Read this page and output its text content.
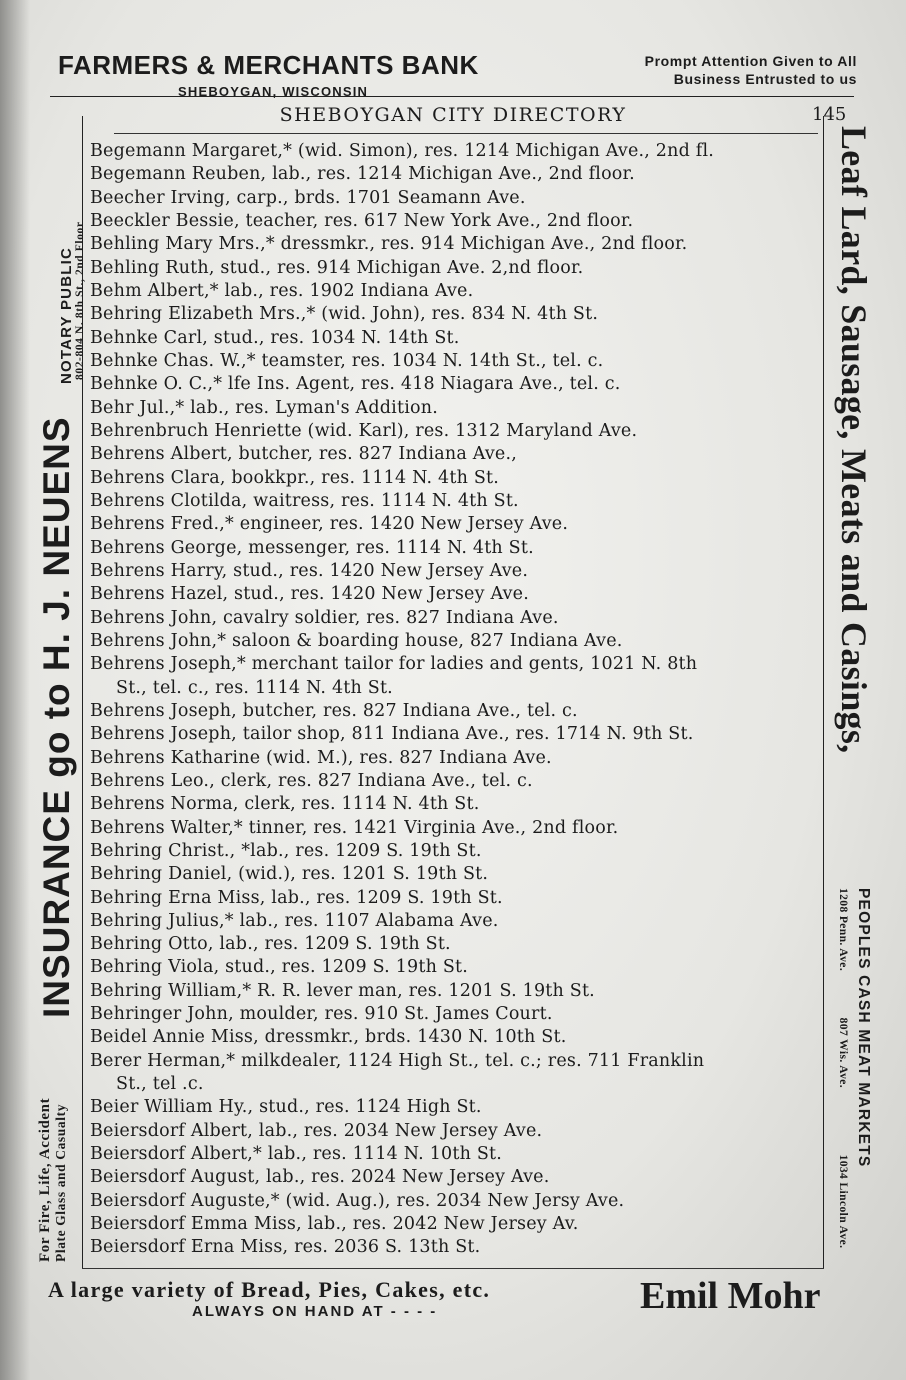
FARMERS & MERCHANTS BANK
SHEBOYGAN, WISCONSIN
Prompt Attention Given to All
Business Entrusted to us
SHEBOYGAN CITY DIRECTORY	145
Begemann Margaret,* (wid. Simon), res. 1214 Michigan Ave., 2nd fl.
Begemann Reuben, lab., res. 1214 Michigan Ave., 2nd floor.
Beecher Irving, carp., brds. 1701 Seamann Ave.
Beeckler Bessie, teacher, res. 617 New York Ave., 2nd floor.
Behling Mary Mrs.,* dressmkr., res. 914 Michigan Ave., 2nd floor.
Behling Ruth, stud., res. 914 Michigan Ave. 2,nd floor.
Behm Albert,* lab., res. 1902 Indiana Ave.
Behring Elizabeth Mrs.,* (wid. John), res. 834 N. 4th St.
Behnke Carl, stud., res. 1034 N. 14th St.
Behnke Chas. W.,* teamster, res. 1034 N. 14th St., tel. c.
Behnke O. C.,* lfe Ins. Agent, res. 418 Niagara Ave., tel. c.
Behr Jul.,* lab., res. Lyman's Addition.
Behrenbruch Henriette (wid. Karl), res. 1312 Maryland Ave.
Behrens Albert, butcher, res. 827 Indiana Ave.,
Behrens Clara, bookkpr., res. 1114 N. 4th St.
Behrens Clotilda, waitress, res. 1114 N. 4th St.
Behrens Fred.,* engineer, res. 1420 New Jersey Ave.
Behrens George, messenger, res. 1114 N. 4th St.
Behrens Harry, stud., res. 1420 New Jersey Ave.
Behrens Hazel, stud., res. 1420 New Jersey Ave.
Behrens John, cavalry soldier, res. 827 Indiana Ave.
Behrens John,* saloon & boarding house, 827 Indiana Ave.
Behrens Joseph,* merchant tailor for ladies and gents, 1021 N. 8th
St., tel. c., res. 1114 N. 4th St.
Behrens Joseph, butcher, res. 827 Indiana Ave., tel. c.
Behrens Joseph, tailor shop, 811 Indiana Ave., res. 1714 N. 9th St.
Behrens Katharine (wid. M.), res. 827 Indiana Ave.
Behrens Leo., clerk, res. 827 Indiana Ave., tel. c.
Behrens Norma, clerk, res. 1114 N. 4th St.
Behrens Walter,* tinner, res. 1421 Virginia Ave., 2nd floor.
Behring Christ., *lab., res. 1209 S. 19th St.
Behring Daniel, (wid.), res. 1201 S. 19th St.
Behring Erna Miss, lab., res. 1209 S. 19th St.
Behring Julius,* lab., res. 1107 Alabama Ave.
Behring Otto, lab., res. 1209 S. 19th St.
Behring Viola, stud., res. 1209 S. 19th St.
Behring William,* R. R. lever man, res. 1201 S. 19th St.
Behringer John, moulder, res. 910 St. James Court.
Beidel Annie Miss, dressmkr., brds. 1430 N. 10th St.
Berer Herman,* milkdealer, 1124 High St., tel. c.; res. 711 Franklin
St., tel .c.
Beier William Hy., stud., res. 1124 High St.
Beiersdorf Albert, lab., res. 2034 New Jersey Ave.
Beiersdorf Albert,* lab., res. 1114 N. 10th St.
Beiersdorf August, lab., res. 2024 New Jersey Ave.
Beiersdorf Auguste,* (wid. Aug.), res. 2034 New Jersy Ave.
Beiersdorf Emma Miss, lab., res. 2042 New Jersey Av.
Beiersdorf Erna Miss, res. 2036 S. 13th St.
INSURANCE go to H. J. NEUENS
NOTARY PUBLIC 802-804 N. 8th St., 2nd Floor
For Fire, Life, Accident Plate Glass and Casualty
Leaf Lard, Sausage, Meats and Casings,
PEOPLES CASH MEAT MARKETS
1208 Penn. Ave.  807 Wis. Ave.  1034 Lincoln Ave.
A large variety of Bread, Pies, Cakes, etc.
ALWAYS ON HAND AT - - - -	Emil Mohr
